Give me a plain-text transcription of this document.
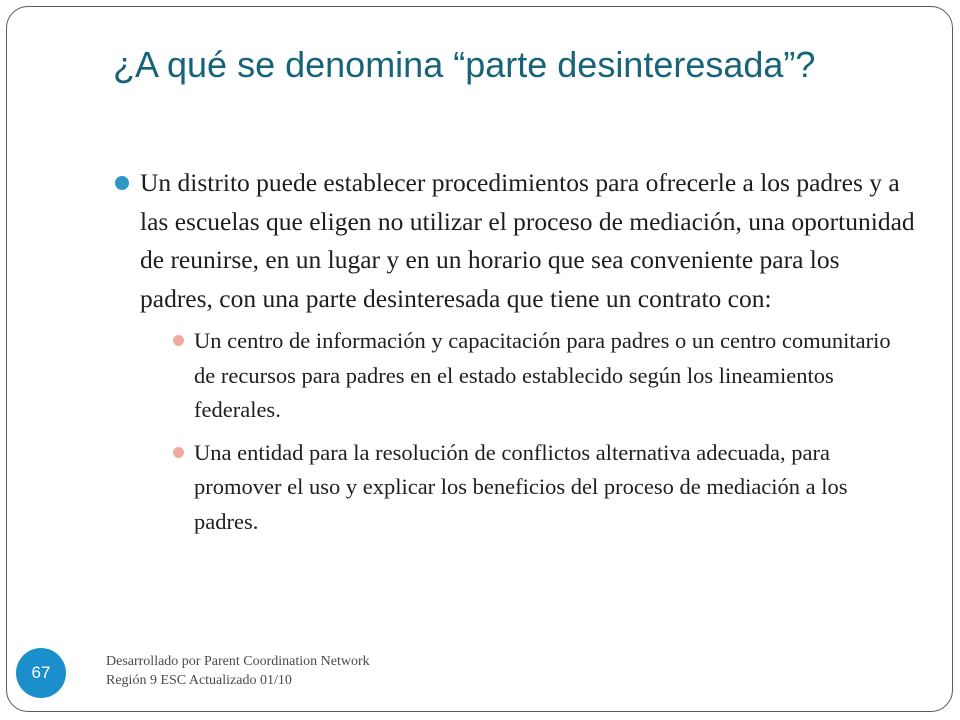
¿A qué se denomina “parte desinteresada”?
Un distrito puede establecer procedimientos para ofrecerle a los padres y a las escuelas que eligen no utilizar el proceso de mediación, una oportunidad de reunirse, en un lugar y en un horario que sea conveniente para los padres, con una parte desinteresada que tiene un contrato con:
Un centro de información y capacitación para padres o un centro comunitario de recursos para padres en el estado establecido según los lineamientos federales.
Una entidad para la resolución de conflictos alternativa adecuada, para promover el uso y explicar los beneficios del proceso de mediación a los padres.
67
Desarrollado por Parent Coordination Network
Región 9 ESC Actualizado 01/10
